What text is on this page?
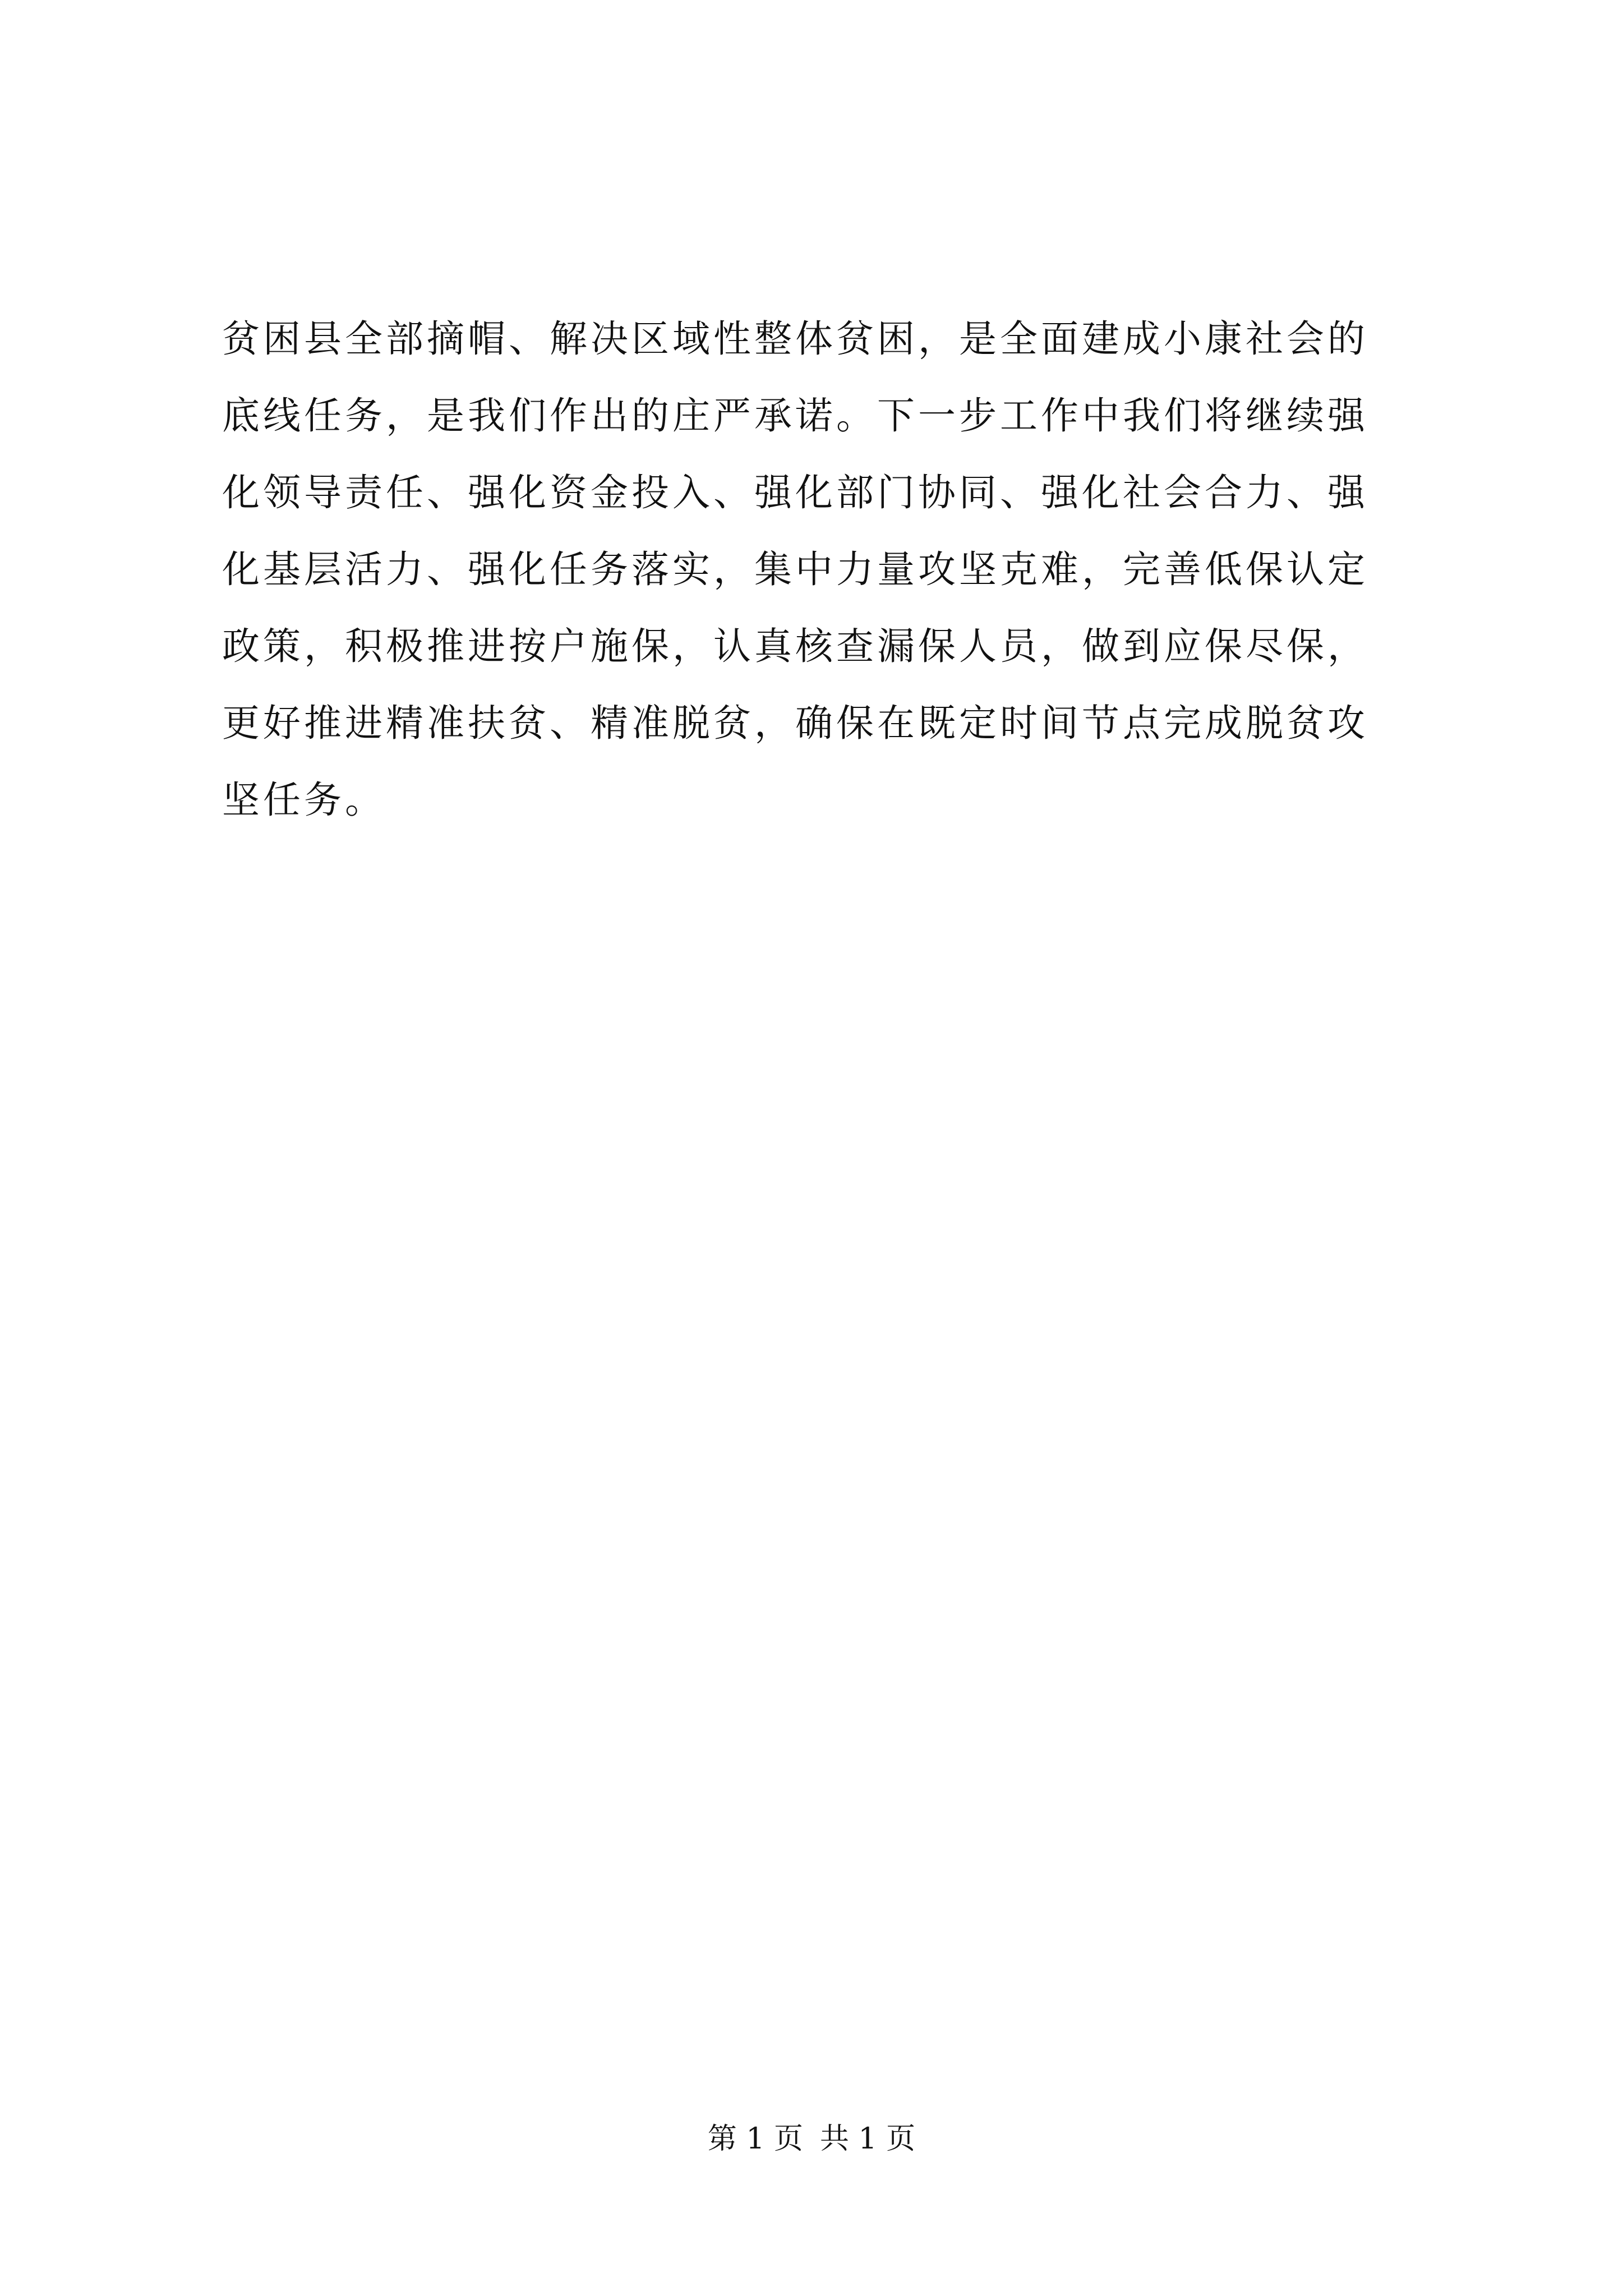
贫困县全部摘帽、解决区域性整体贫困，是全面建成小康社会的
底线任务，是我们作出的庄严承诺。下一步工作中我们将继续强
化领导责任、强化资金投入、强化部门协同、强化社会合力、强
化基层活力、强化任务落实，集中力量攻坚克难，完善低保认定
政策，积极推进按户施保，认真核查漏保人员，做到应保尽保，
更好推进精准扶贫、精准脱贫，确保在既定时间节点完成脱贫攻
坚任务。
第 1 页 共 1 页
